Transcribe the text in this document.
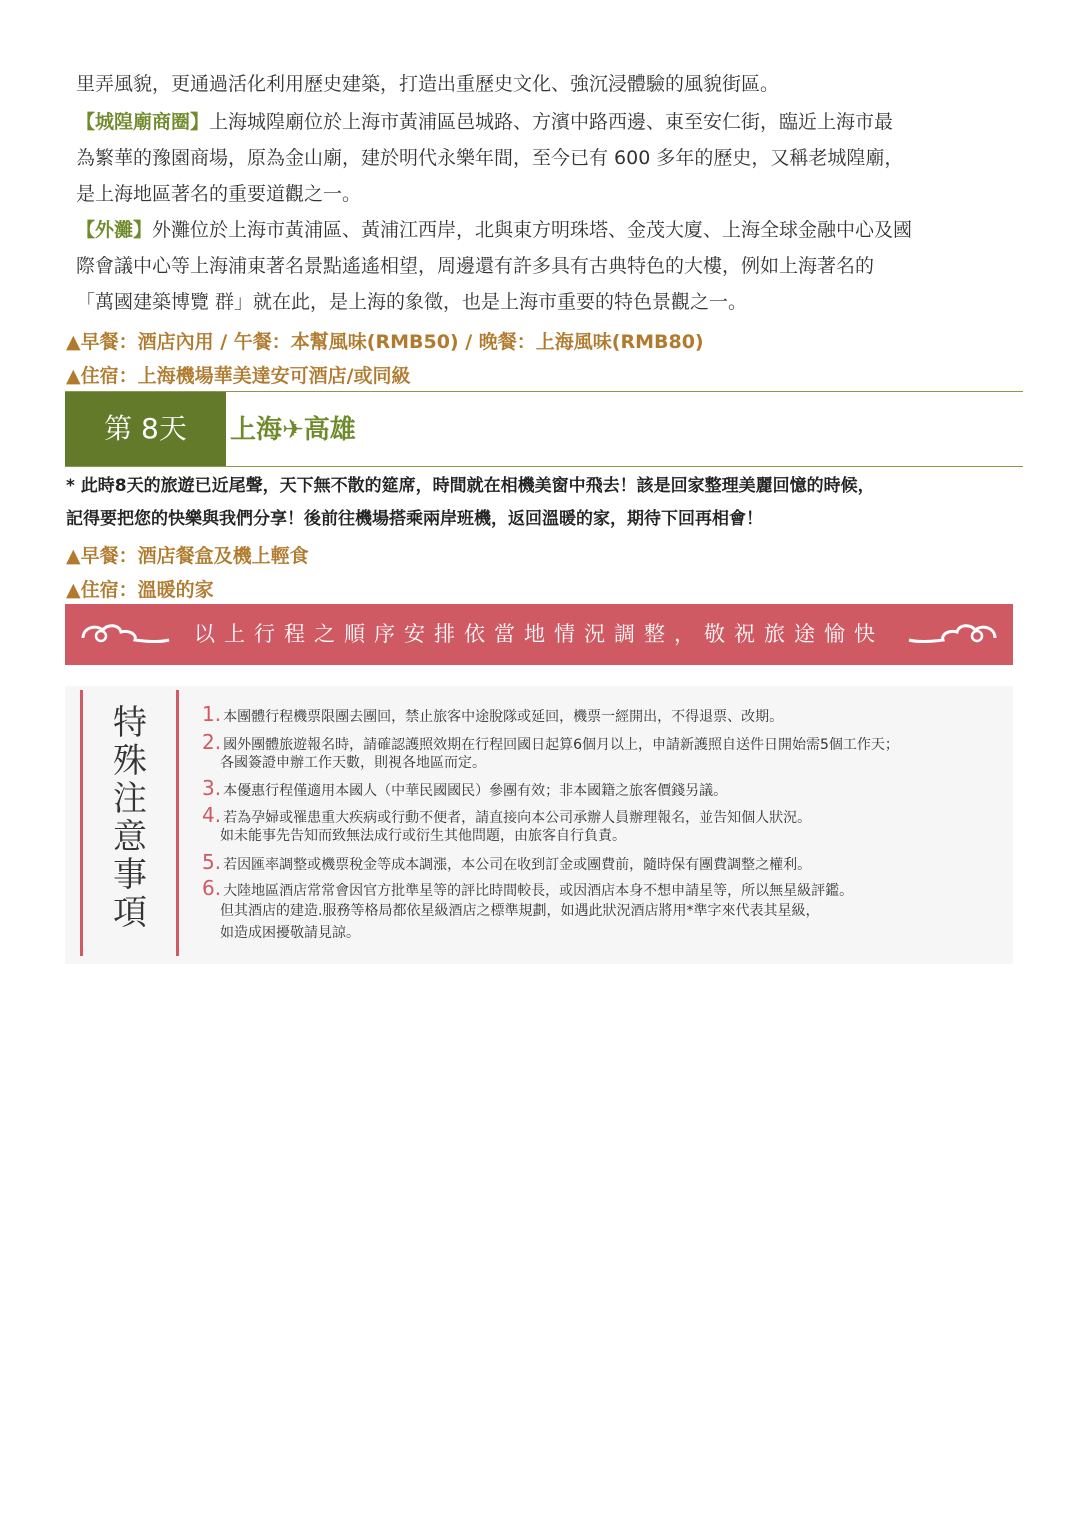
里弄風貌，更通過活化利用歷史建築，打造出重歷史文化、強沉浸體驗的風貌街區。
【城隍廟商圈】上海城隍廟位於上海市黃浦區邑城路、方濱中路西邊、東至安仁街，臨近上海市最
為繁華的豫園商場，原為金山廟，建於明代永樂年間，至今已有 600 多年的歷史，又稱老城隍廟，
是上海地區著名的重要道觀之一。
【外灘】外灘位於上海市黃浦區、黃浦江西岸，北與東方明珠塔、金茂大廈、上海全球金融中心及國
際會議中心等上海浦東著名景點遙遙相望，周邊還有許多具有古典特色的大樓，例如上海著名的
「萬國建築博覽 群」就在此，是上海的象徵，也是上海市重要的特色景觀之一。
▲早餐：酒店內用 / 午餐：本幫風味(RMB50) / 晚餐：上海風味(RMB80)
▲住宿：上海機場華美達安可酒店/或同級
第 8天	上海✈高雄
* 此時8天的旅遊已近尾聲，天下無不散的筵席，時間就在相機美窗中飛去！該是回家整理美麗回憶的時候，
記得要把您的快樂與我們分享！後前往機場搭乘兩岸班機，返回溫暖的家，期待下回再相會！
▲早餐：酒店餐盒及機上輕食
▲住宿：溫暖的家
以上行程之順序安排依當地情況調整，敬祝旅途愉快
特
殊
注
意
事
項
1. 本團體行程機票限團去團回，禁止旅客中途脫隊或延回，機票一經開出，不得退票、改期。
2. 國外團體旅遊報名時，請確認護照效期在行程回國日起算6個月以上，申請新護照自送件日開始需5個工作天；
各國簽證申辦工作天數，則視各地區而定。
3. 本優惠行程僅適用本國人（中華民國國民）參團有效；非本國籍之旅客價錢另議。
4. 若為孕婦或罹患重大疾病或行動不便者，請直接向本公司承辦人員辦理報名，並告知個人狀況。
如未能事先告知而致無法成行或衍生其他問題，由旅客自行負責。
5. 若因匯率調整或機票稅金等成本調漲，本公司在收到訂金或團費前，隨時保有團費調整之權利。
6. 大陸地區酒店常常會因官方批準星等的評比時間較長，或因酒店本身不想申請星等，所以無星級評鑑。
但其酒店的建造.服務等格局都依星級酒店之標準規劃，如遇此狀況酒店將用*準字來代表其星級，
如造成困擾敬請見諒。
